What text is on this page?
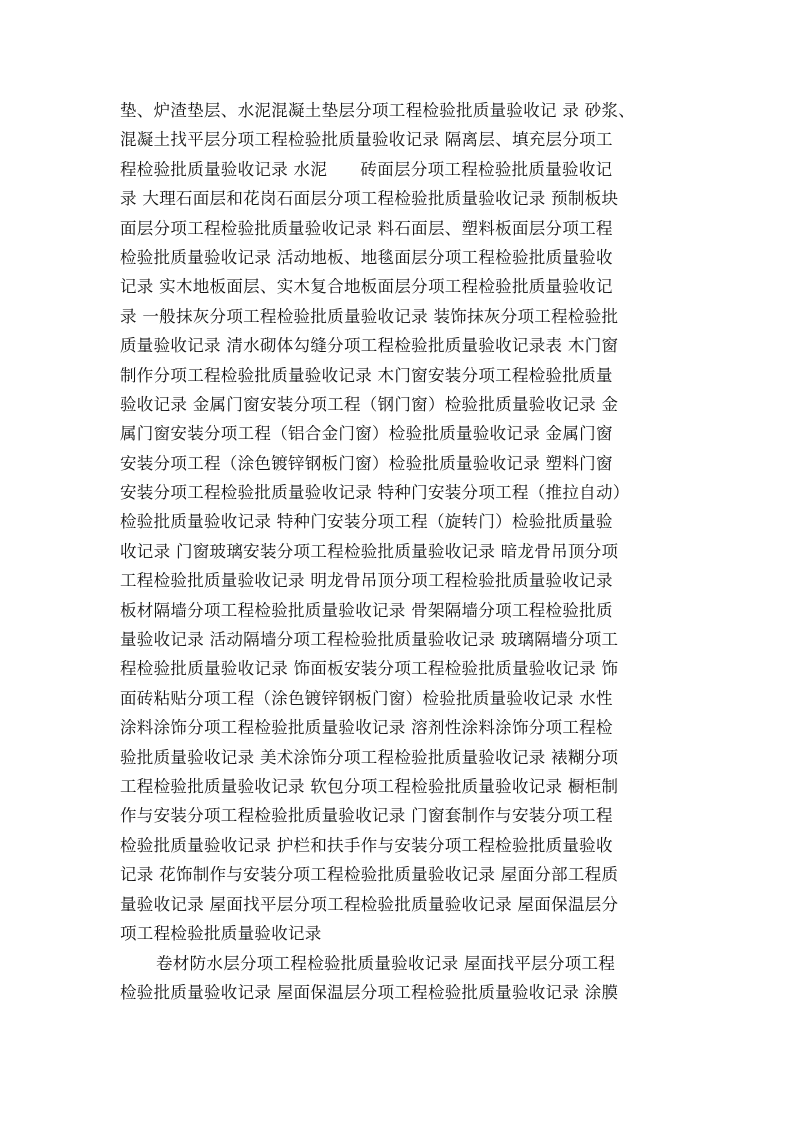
垫、炉渣垫层、水泥混凝土垫层分项工程检验批质量验收记 录 砂浆、
混凝土找平层分项工程检验批质量验收记录 隔离层、填充层分项工
程检验批质量验收记录 水泥      砖面层分项工程检验批质量验收记
录 大理石面层和花岗石面层分项工程检验批质量验收记录 预制板块
面层分项工程检验批质量验收记录 料石面层、塑料板面层分项工程
检验批质量验收记录 活动地板、地毯面层分项工程检验批质量验收
记录 实木地板面层、实木复合地板面层分项工程检验批质量验收记
录 一般抹灰分项工程检验批质量验收记录 装饰抹灰分项工程检验批
质量验收记录 清水砌体勾缝分项工程检验批质量验收记录表 木门窗
制作分项工程检验批质量验收记录 木门窗安装分项工程检验批质量
验收记录 金属门窗安装分项工程（钢门窗）检验批质量验收记录 金
属门窗安装分项工程（铝合金门窗）检验批质量验收记录 金属门窗
安装分项工程（涂色镀锌钢板门窗）检验批质量验收记录 塑料门窗
安装分项工程检验批质量验收记录 特种门安装分项工程（推拉自动）
检验批质量验收记录 特种门安装分项工程（旋转门）检验批质量验
收记录 门窗玻璃安装分项工程检验批质量验收记录 暗龙骨吊顶分项
工程检验批质量验收记录 明龙骨吊顶分项工程检验批质量验收记录
板材隔墙分项工程检验批质量验收记录 骨架隔墙分项工程检验批质
量验收记录 活动隔墙分项工程检验批质量验收记录 玻璃隔墙分项工
程检验批质量验收记录 饰面板安装分项工程检验批质量验收记录 饰
面砖粘贴分项工程（涂色镀锌钢板门窗）检验批质量验收记录 水性
涂料涂饰分项工程检验批质量验收记录 溶剂性涂料涂饰分项工程检
验批质量验收记录 美术涂饰分项工程检验批质量验收记录 裱糊分项
工程检验批质量验收记录 软包分项工程检验批质量验收记录 橱柜制
作与安装分项工程检验批质量验收记录 门窗套制作与安装分项工程
检验批质量验收记录 护栏和扶手作与安装分项工程检验批质量验收
记录 花饰制作与安装分项工程检验批质量验收记录 屋面分部工程质
量验收记录 屋面找平层分项工程检验批质量验收记录 屋面保温层分
项工程检验批质量验收记录
卷材防水层分项工程检验批质量验收记录 屋面找平层分项工程
检验批质量验收记录 屋面保温层分项工程检验批质量验收记录 涂膜
